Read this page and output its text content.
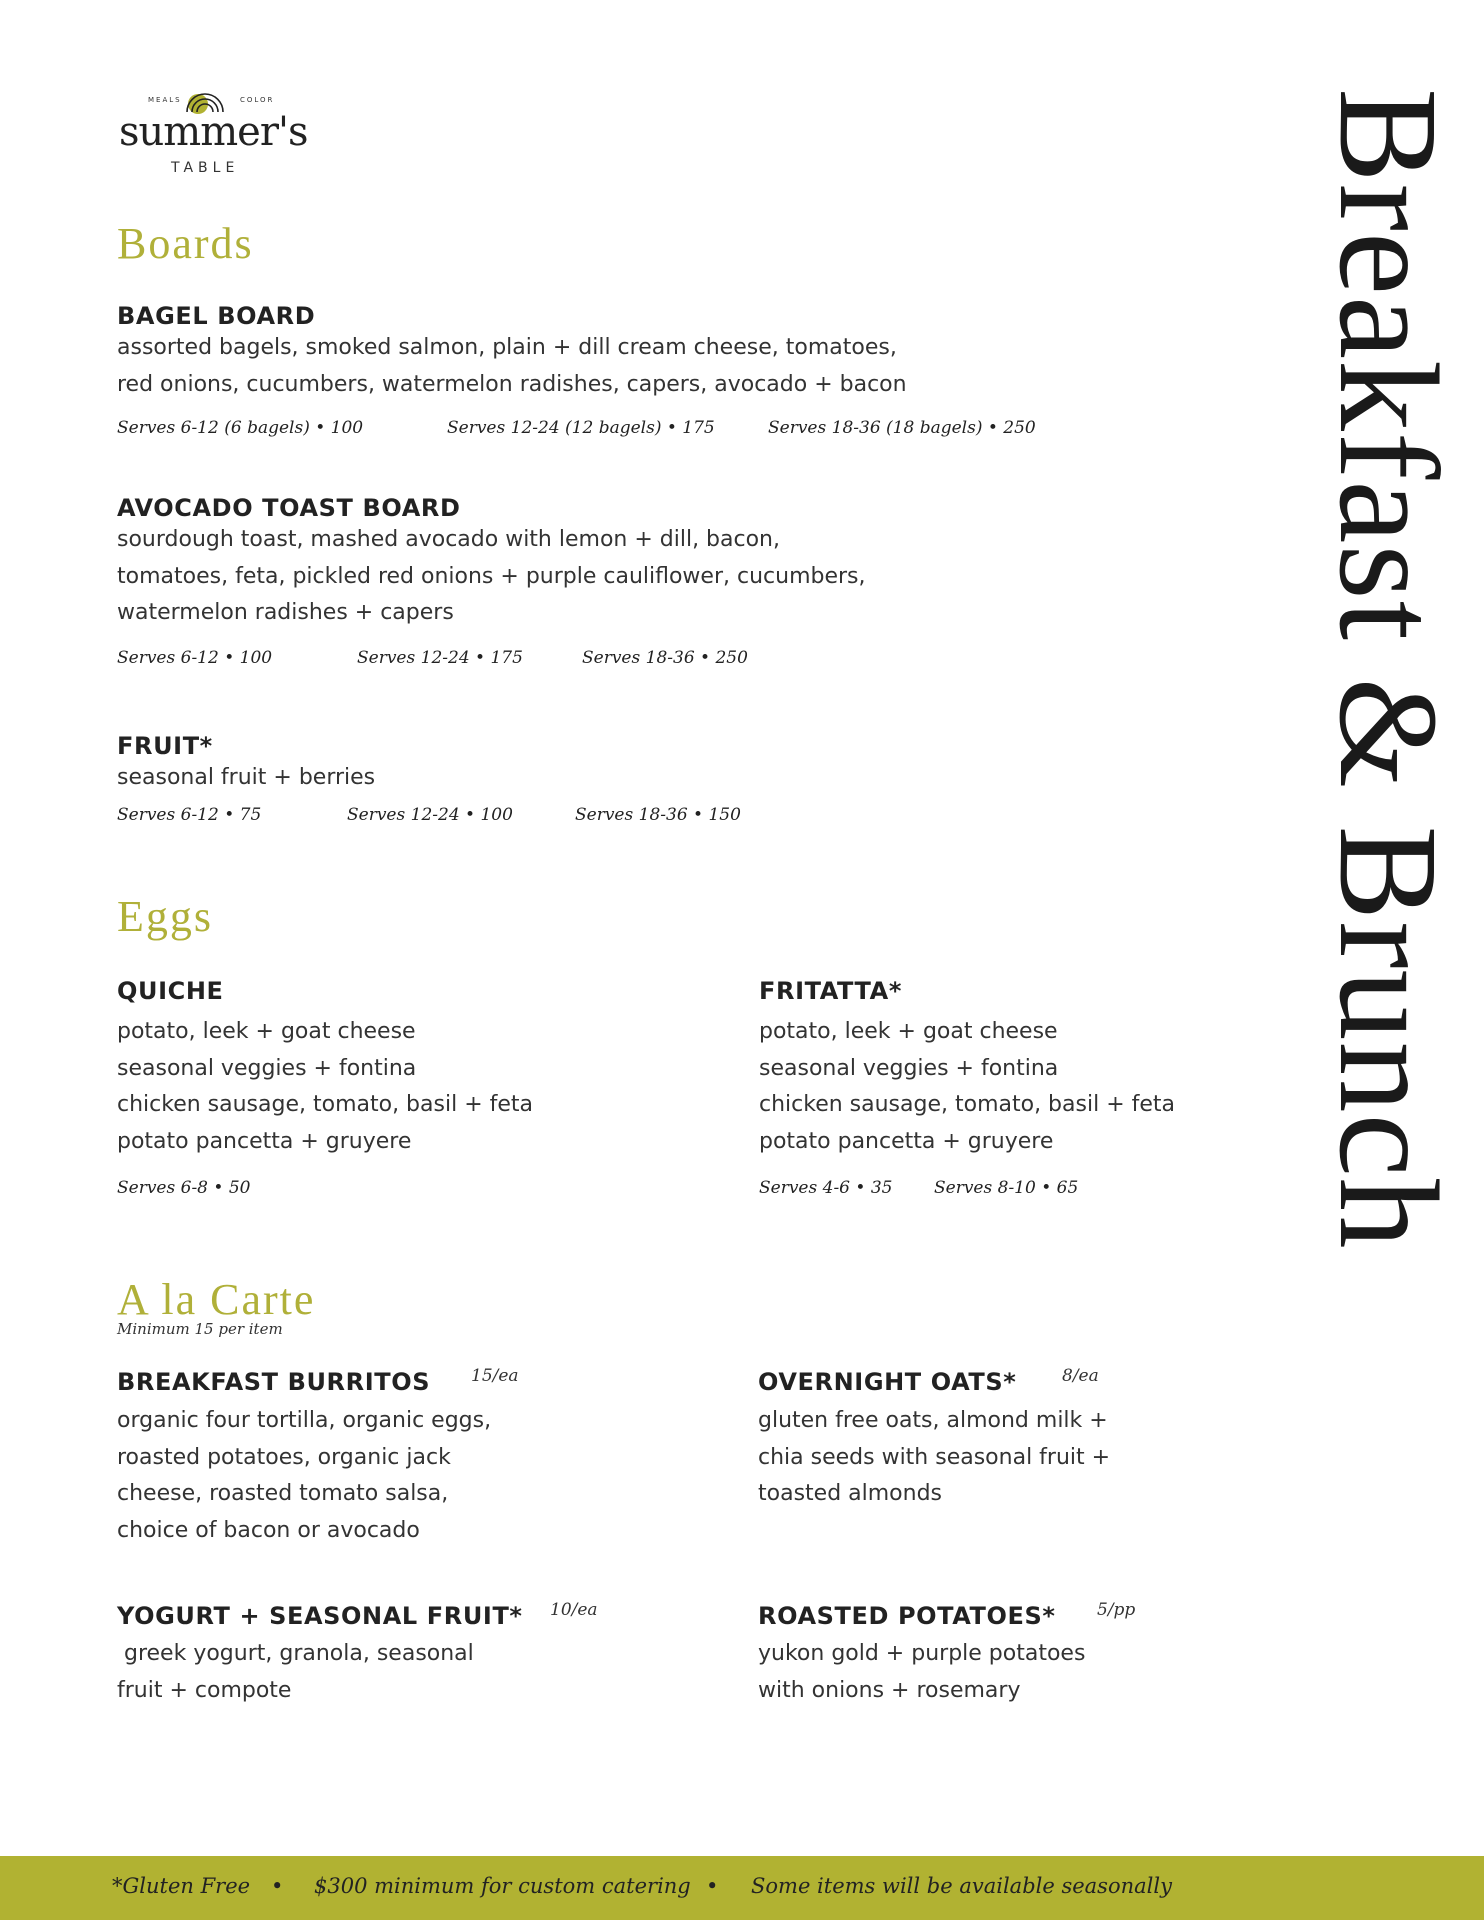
MEALS	COLOR
summer's
TABLE	Breakfast & Brunch
Boards
BAGEL BOARD
assorted bagels, smoked salmon, plain + dill cream cheese, tomatoes,
red onions, cucumbers, watermelon radishes, capers, avocado + bacon
Serves 6-12 (6 bagels) • 100	Serves 12-24 (12 bagels) • 175	Serves 18-36 (18 bagels) • 250
AVOCADO TOAST BOARD
sourdough toast, mashed avocado with lemon + dill, bacon,
tomatoes, feta, pickled red onions + purple cauliflower, cucumbers,
watermelon radishes + capers
Serves 6-12 • 100	Serves 12-24 • 175	Serves 18-36 • 250
FRUIT*
seasonal fruit + berries
Serves 6-12 • 75	Serves 12-24 • 100	Serves 18-36 • 150
Eggs
QUICHE
potato, leek + goat cheese
seasonal veggies + fontina
chicken sausage, tomato, basil + feta
potato pancetta + gruyere
Serves 6-8 • 50
FRITATTA*
potato, leek + goat cheese
seasonal veggies + fontina
chicken sausage, tomato, basil + feta
potato pancetta + gruyere
Serves 4-6 • 35 Serves 8-10 • 65
A la Carte
Minimum 15 per item
BREAKFAST BURRITOS 15/ea
organic four tortilla, organic eggs,
roasted potatoes, organic jack
cheese, roasted tomato salsa,
choice of bacon or avocado
OVERNIGHT OATS*	8/ea
gluten free oats, almond milk +
chia seeds with seasonal fruit +
toasted almonds
YOGURT + SEASONAL FRUIT* 10/ea
greek yogurt, granola, seasonal
fruit + compote
ROASTED POTATOES* 5/pp
yukon gold + purple potatoes
with onions + rosemary
*Gluten Free • $300 minimum for custom catering • Some items will be available seasonally
